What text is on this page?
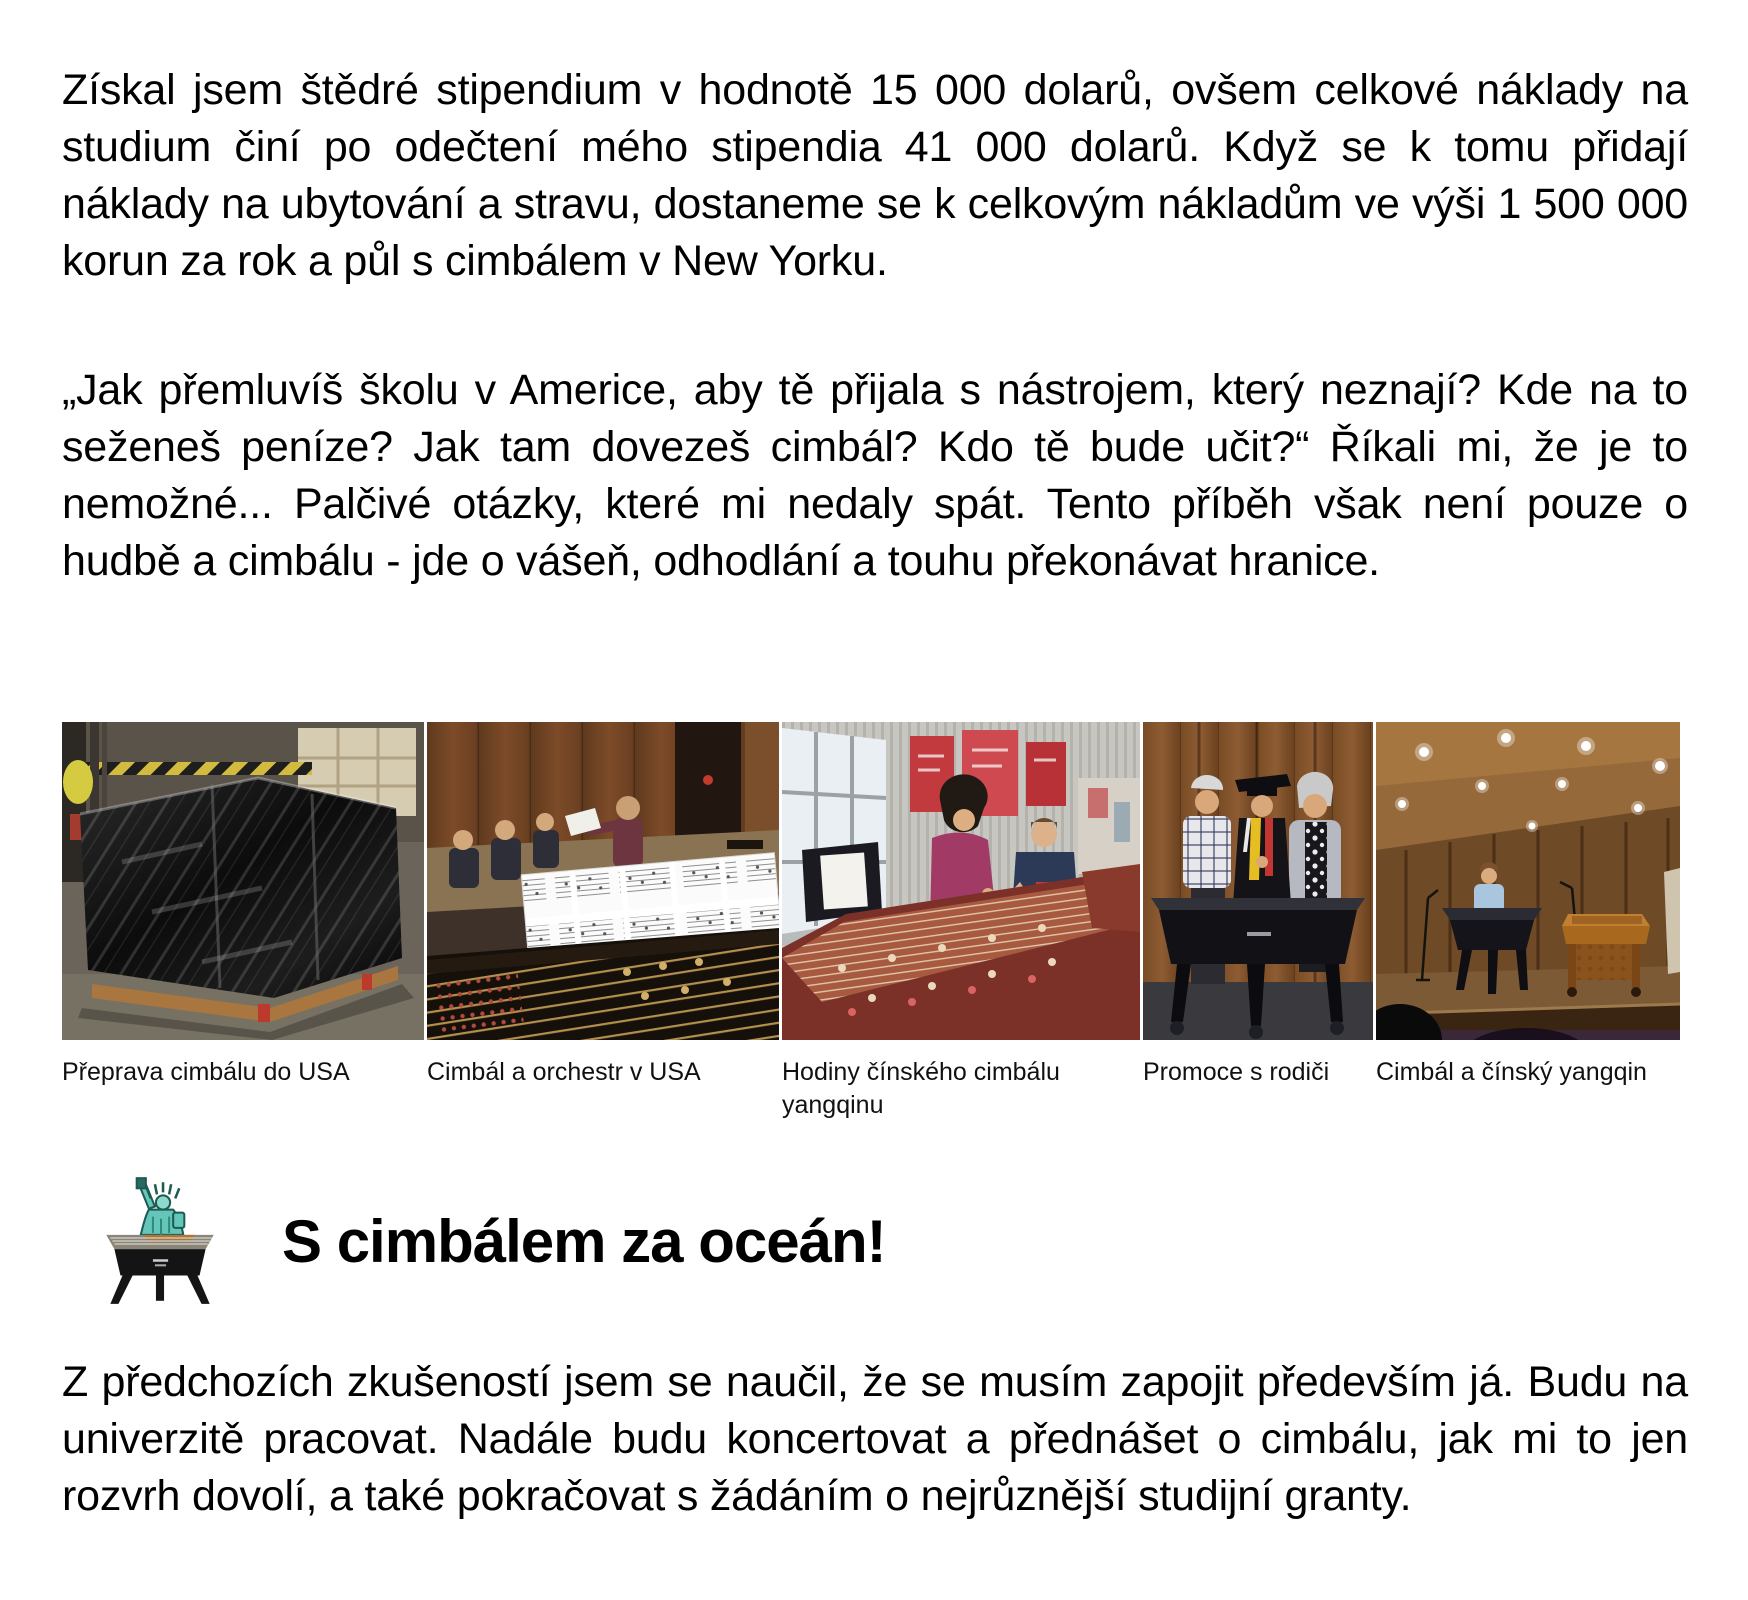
Získal jsem štědré stipendium v hodnotě 15 000 dolarů, ovšem celkové náklady na studium činí po odečtení mého stipendia 41 000 dolarů. Když se k tomu přidají náklady na ubytování a stravu, dostaneme se k celkovým nákladům ve výši 1 500 000 korun za rok a půl s cimbálem v New Yorku.

„Jak přemluvíš školu v Americe, aby tě přijala s nástrojem, který neznají? Kde na to seženeš peníze? Jak tam dovezeš cimbál? Kdo tě bude učit?“ Říkali mi, že je to nemožné... Palčivé otázky, které mi nedaly spát. Tento příběh však není pouze o hudbě a cimbálu - jde o vášeň, odhodlání a touhu překonávat hranice.

Přeprava cimbálu do USA	Cimbál a orchestr v USA	Hodiny čínského cimbálu yangqinu
Promoce s rodiči	Cimbál a čínský yangqin
S cimbálem za oceán!

Z předchozích zkušeností jsem se naučil, že se musím zapojit především já. Budu na univerzitě pracovat. Nadále budu koncertovat a přednášet o cimbálu, jak mi to jen rozvrh dovolí, a také pokračovat s žádáním o nejrůznější studijní granty.
